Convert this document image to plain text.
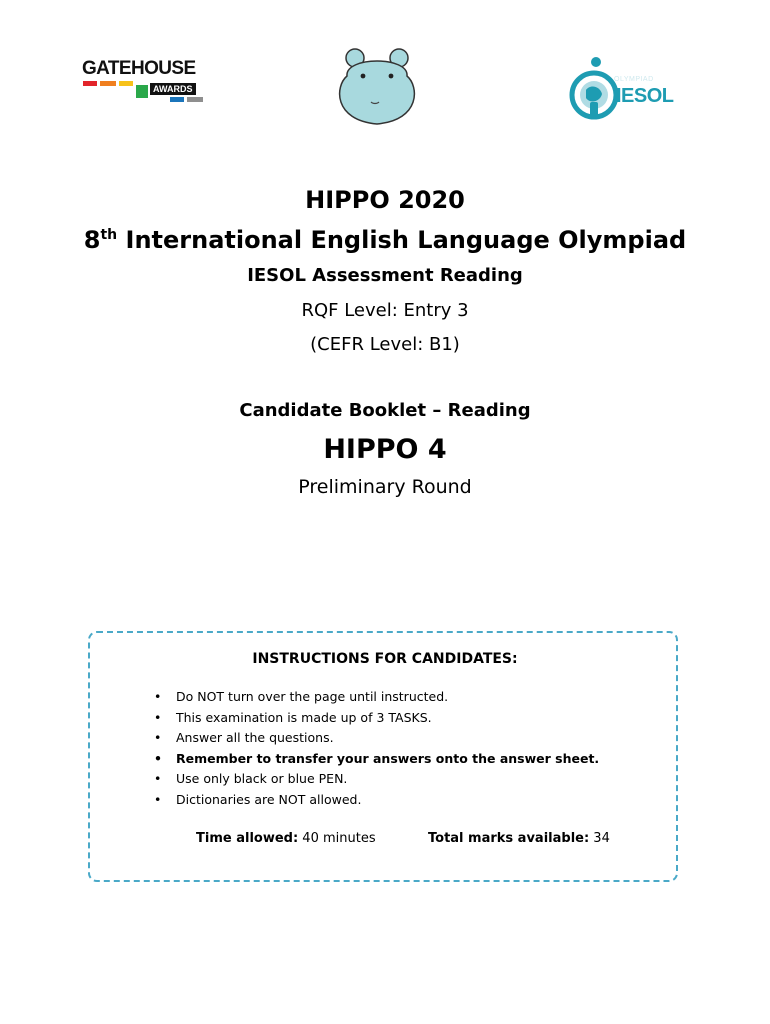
GATEHOUSE
AWARDS
OLYMPIAD
IESOL
HIPPO 2020
8th International English Language Olympiad
IESOL Assessment Reading
RQF Level: Entry 3
(CEFR Level: B1)
Candidate Booklet – Reading
HIPPO 4
Preliminary Round
INSTRUCTIONS FOR CANDIDATES:
• Do NOT turn over the page until instructed.
• This examination is made up of 3 TASKS.
• Answer all the questions.
• Remember to transfer your answers onto the answer sheet.
• Use only black or blue PEN.
• Dictionaries are NOT allowed.
Time allowed: 40 minutes	Total marks available: 34
